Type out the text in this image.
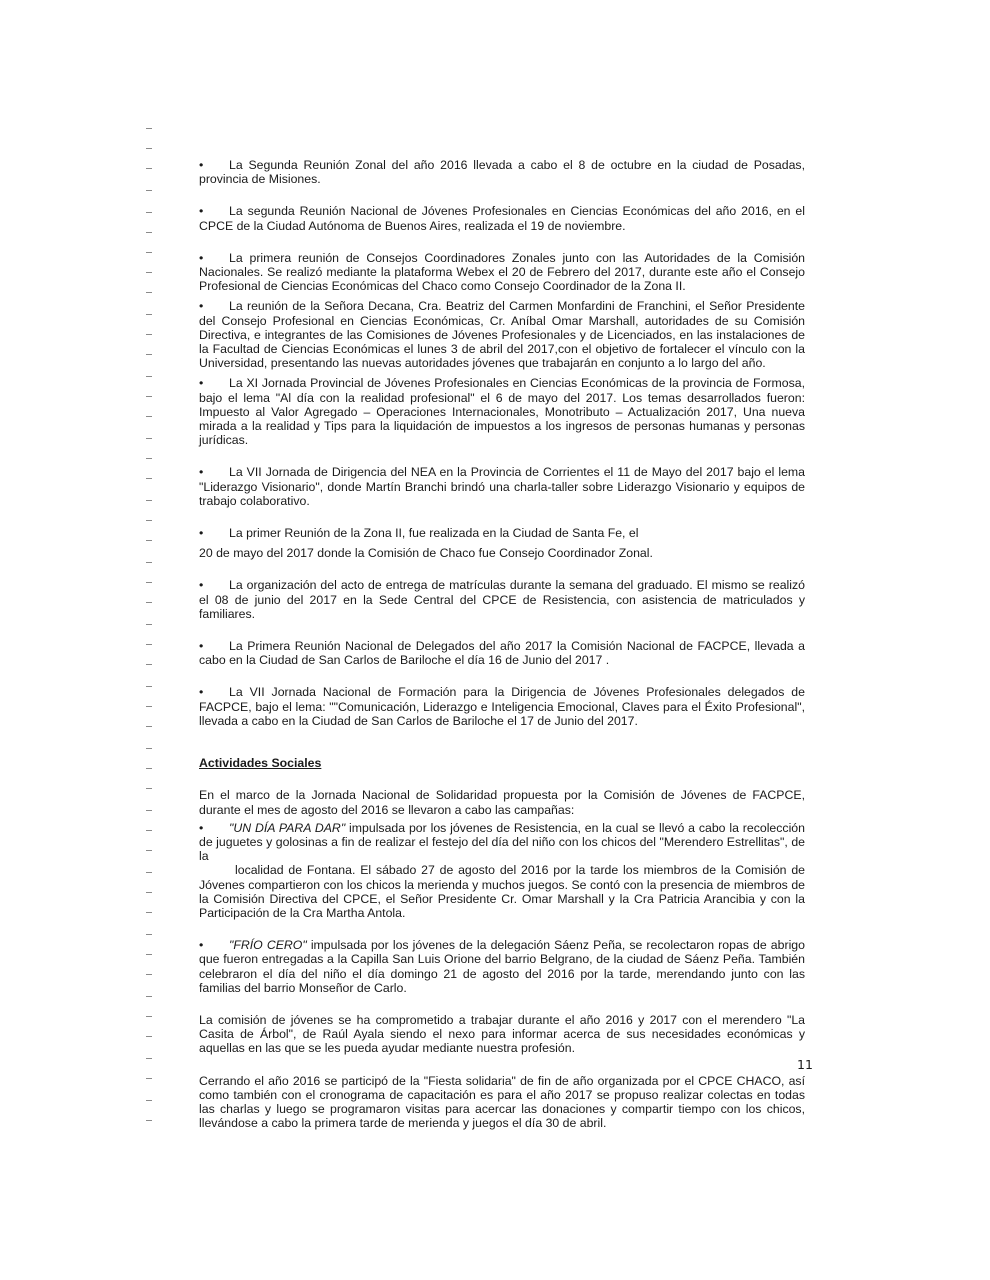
• La Segunda Reunión Zonal del año 2016 llevada a cabo el 8 de octubre en la ciudad de Posadas, provincia de Misiones.
• La segunda Reunión Nacional de Jóvenes Profesionales en Ciencias Económicas del año 2016, en el CPCE de la Ciudad Autónoma de Buenos Aires, realizada el 19 de noviembre.
• La primera reunión de Consejos Coordinadores Zonales junto con las Autoridades de la Comisión Nacionales. Se realizó mediante la plataforma Webex el 20 de Febrero del 2017, durante este año el Consejo Profesional de Ciencias Económicas del Chaco como Consejo Coordinador de la Zona II.
• La reunión de la Señora Decana, Cra. Beatriz del Carmen Monfardini de Franchini, el Señor Presidente del Consejo Profesional en Ciencias Económicas, Cr. Aníbal Omar Marshall, autoridades de su Comisión Directiva, e integrantes de las Comisiones de Jóvenes Profesionales y de Licenciados, en las instalaciones de la Facultad de Ciencias Económicas el lunes 3 de abril del 2017,con el objetivo de fortalecer el vínculo con la Universidad, presentando las nuevas autoridades jóvenes que trabajarán en conjunto a lo largo del año.
• La XI Jornada Provincial de Jóvenes Profesionales en Ciencias Económicas de la provincia de Formosa, bajo el lema "Al día con la realidad profesional" el 6 de mayo del 2017. Los temas desarrollados fueron: Impuesto al Valor Agregado – Operaciones Internacionales, Monotributo – Actualización 2017, Una nueva mirada a la realidad y Tips para la liquidación de impuestos a los ingresos de personas humanas y personas jurídicas.
• La VII Jornada de Dirigencia del NEA en la Provincia de Corrientes el 11 de Mayo del 2017 bajo el lema "Liderazgo Visionario", donde Martín Branchi brindó una charla-taller sobre Liderazgo Visionario y equipos de trabajo colaborativo.
• La primer Reunión de la Zona II, fue realizada en la Ciudad de Santa Fe, el
20 de mayo del 2017 donde la Comisión de Chaco fue Consejo Coordinador Zonal.
• La organización del acto de entrega de matrículas durante la semana del graduado. El mismo se realizó el 08 de junio del 2017 en la Sede Central del CPCE de Resistencia, con asistencia de matriculados y familiares.
• La Primera Reunión Nacional de Delegados del año 2017 la Comisión Nacional de FACPCE, llevada a cabo en la Ciudad de San Carlos de Bariloche el día 16 de Junio del 2017 .
• La VII Jornada Nacional de Formación para la Dirigencia de Jóvenes Profesionales delegados de FACPCE, bajo el lema: ""Comunicación, Liderazgo e Inteligencia Emocional, Claves para el Éxito Profesional", llevada a cabo en la Ciudad de San Carlos de Bariloche el 17 de Junio del 2017.
Actividades Sociales
En el marco de la Jornada Nacional de Solidaridad propuesta por la Comisión de Jóvenes de FACPCE, durante el mes de agosto del 2016 se llevaron a cabo las campañas:
• "UN DÍA PARA DAR" impulsada por los jóvenes de Resistencia, en la cual se llevó a cabo la recolección de juguetes y golosinas a fin de realizar el festejo del día del niño con los chicos del "Merendero Estrellitas", de la
localidad de Fontana. El sábado 27 de agosto del 2016 por la tarde los miembros de la Comisión de Jóvenes compartieron con los chicos la merienda y muchos juegos. Se contó con la presencia de miembros de la Comisión Directiva del CPCE, el Señor Presidente Cr. Omar Marshall y la Cra Patricia Arancibia y con la Participación de la Cra Martha Antola.
• "FRÍO CERO" impulsada por los jóvenes de la delegación Sáenz Peña, se recolectaron ropas de abrigo que fueron entregadas a la Capilla San Luis Orione del barrio Belgrano, de la ciudad de Sáenz Peña. También celebraron el día del niño el día domingo 21 de agosto del 2016 por la tarde, merendando junto con las familias del barrio Monseñor de Carlo.
La comisión de jóvenes se ha comprometido a trabajar durante el año 2016 y 2017 con el merendero "La Casita de Árbol", de Raúl Ayala siendo el nexo para informar acerca de sus necesidades económicas y aquellas en las que se les pueda ayudar mediante nuestra profesión.
Cerrando el año 2016 se participó de la "Fiesta solidaria" de fin de año organizada por el CPCE CHACO, así como también con el cronograma de capacitación es para el año 2017 se propuso realizar colectas en todas las charlas y luego se programaron visitas para acercar las donaciones y compartir tiempo con los chicos, llevándose a cabo la primera tarde de merienda y juegos el día 30 de abril.
11
